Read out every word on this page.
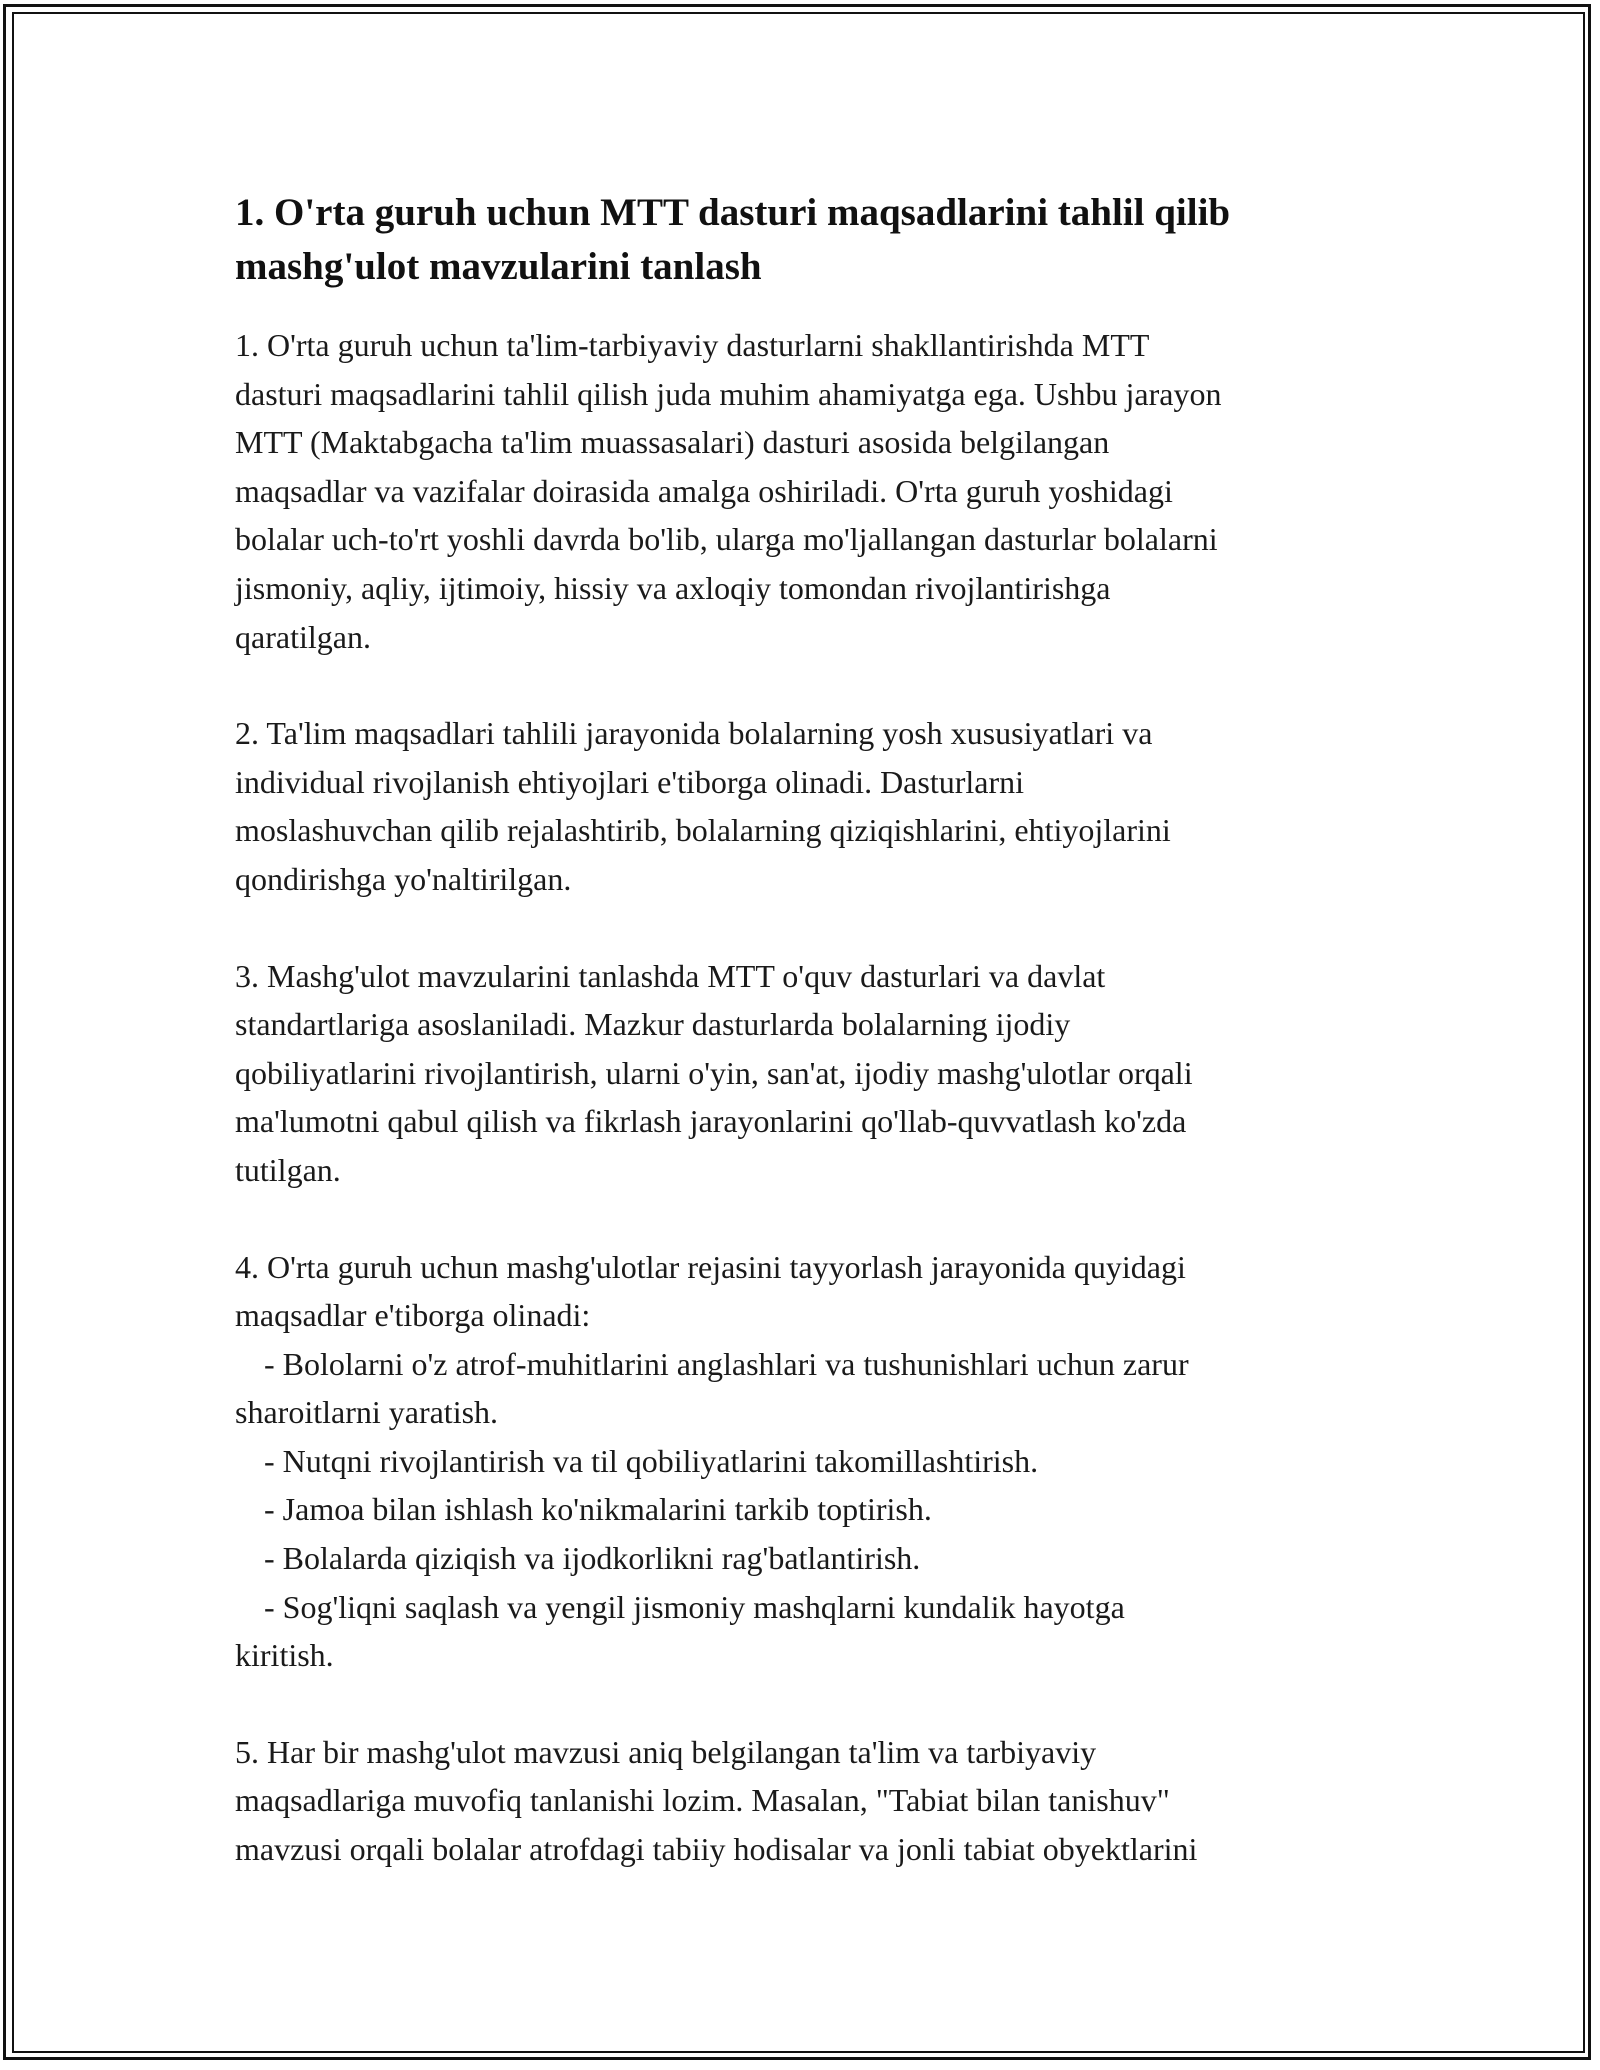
1. O'rta guruh uchun MTT dasturi maqsadlarini tahlil qilib
mashg'ulot mavzularini tanlash
1. O'rta guruh uchun ta'lim-tarbiyaviy dasturlarni shakllantirishda MTT
dasturi maqsadlarini tahlil qilish juda muhim ahamiyatga ega. Ushbu jarayon
MTT (Maktabgacha ta'lim muassasalari) dasturi asosida belgilangan
maqsadlar va vazifalar doirasida amalga oshiriladi. O'rta guruh yoshidagi
bolalar uch-to'rt yoshli davrda bo'lib, ularga mo'ljallangan dasturlar bolalarni
jismoniy, aqliy, ijtimoiy, hissiy va axloqiy tomondan rivojlantirishga
qaratilgan.
2. Ta'lim maqsadlari tahlili jarayonida bolalarning yosh xususiyatlari va
individual rivojlanish ehtiyojlari e'tiborga olinadi. Dasturlarni
moslashuvchan qilib rejalashtirib, bolalarning qiziqishlarini, ehtiyojlarini
qondirishga yo'naltirilgan.
3. Mashg'ulot mavzularini tanlashda MTT o'quv dasturlari va davlat
standartlariga asoslaniladi. Mazkur dasturlarda bolalarning ijodiy
qobiliyatlarini rivojlantirish, ularni o'yin, san'at, ijodiy mashg'ulotlar orqali
ma'lumotni qabul qilish va fikrlash jarayonlarini qo'llab-quvvatlash ko'zda
tutilgan.
4. O'rta guruh uchun mashg'ulotlar rejasini tayyorlash jarayonida quyidagi
maqsadlar e'tiborga olinadi:
- Bololarni o'z atrof-muhitlarini anglashlari va tushunishlari uchun zarur
sharoitlarni yaratish.
- Nutqni rivojlantirish va til qobiliyatlarini takomillashtirish.
- Jamoa bilan ishlash ko'nikmalarini tarkib toptirish.
- Bolalarda qiziqish va ijodkorlikni rag'batlantirish.
- Sog'liqni saqlash va yengil jismoniy mashqlarni kundalik hayotga
kiritish.
5. Har bir mashg'ulot mavzusi aniq belgilangan ta'lim va tarbiyaviy
maqsadlariga muvofiq tanlanishi lozim. Masalan, "Tabiat bilan tanishuv"
mavzusi orqali bolalar atrofdagi tabiiy hodisalar va jonli tabiat obyektlarini
